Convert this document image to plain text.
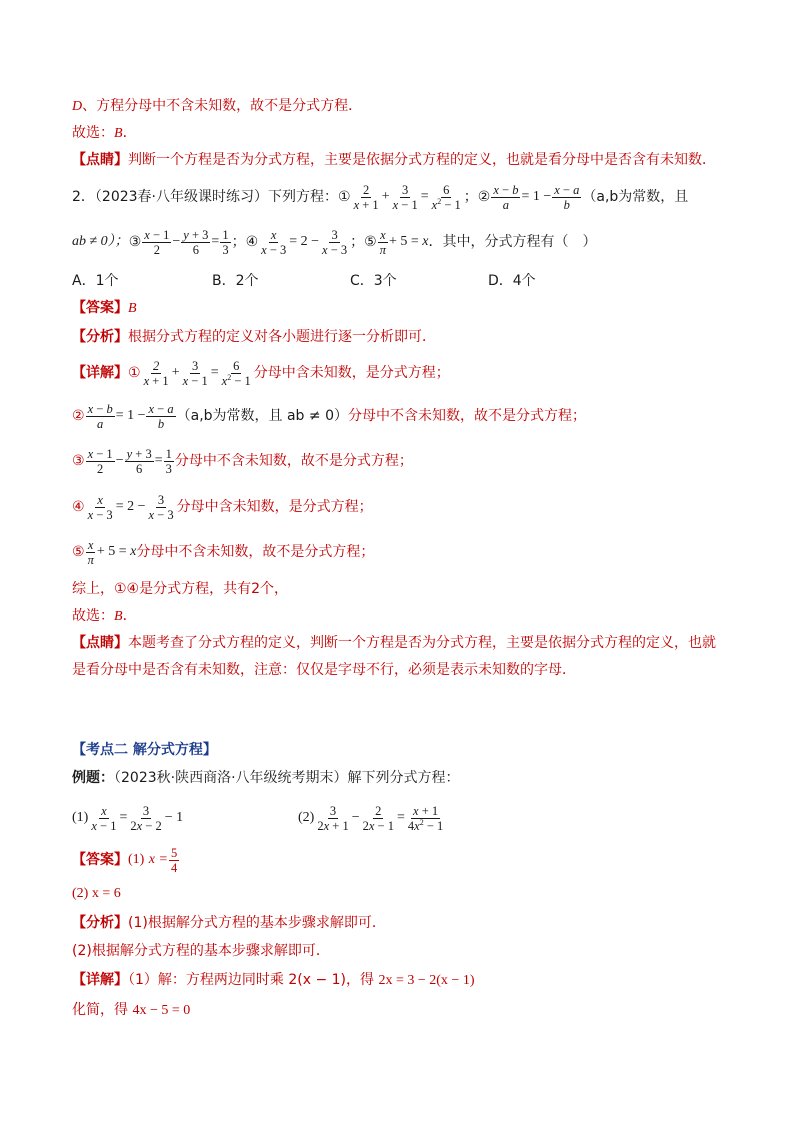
D、方程分母中不含未知数，故不是分式方程．
故选：B．
【点睛】判断一个方程是否为分式方程，主要是依据分式方程的定义，也就是看分母中是否含有未知数．
2．（2023春·八年级课时练习）下列方程： ① $\frac{2}{x + 1} + \frac{3}{x - 1} = \frac{6}{x^2 - 1}$ ； ② $\frac{x - b}{a} = 1 - \frac{x - a}{b} (a,b$为常数，且
ab ≠ 0）； ③ $\frac{x - 1}{2} - \frac{y + 3}{6} = \frac{1}{3}$ ； ④ $\frac{x}{x - 3} = 2 - \frac{3}{x - 3}$ ； ⑤ $\frac{x}{\pi} + 5 = x$ ．其中，分式方程有（　）
A．1个	B．2个	C．3个	D．4个
【答案】B
【分析】根据分式方程的定义对各小题进行逐一分析即可．
【详解】 ① $\frac{2}{x + 1} + \frac{3}{x - 1} = \frac{6}{x^2 - 1}$ 分母中含未知数，是分式方程；
② $\frac{x - b}{a} = 1 - \frac{x - a}{b} (a,b$为常数，且 ab ≠ 0） 分母中不含未知数，故不是分式方程；
③ $\frac{x - 1}{2} - \frac{y + 3}{6} = \frac{1}{3}$ 分母中不含未知数，故不是分式方程；
④ $\frac{x}{x - 3} = 2 - \frac{3}{x - 3}$ 分母中含未知数，是分式方程；
⑤ $\frac{x}{\pi} + 5 = x$ 分母中不含未知数，故不是分式方程；
综上，①④是分式方程，共有2个，
故选：B．
【点睛】本题考查了分式方程的定义，判断一个方程是否为分式方程，主要是依据分式方程的定义，也就
是看分母中是否含有未知数，注意：仅仅是字母不行，必须是表示未知数的字母．
【考点二 解分式方程】
例题：（2023秋·陕西商洛·八年级统考期末）解下列分式方程：
$(1) \frac{x}{x - 1} = \frac{3}{2x - 2} - 1$	$(2) \frac{3}{2x + 1} - \frac{2}{2x - 1} = \frac{x + 1}{4x^2 - 1}$
【答案】 (1)
$x = \frac{5}{4}$
(2) x = 6
【分析】(1)根据解分式方程的基本步骤求解即可．
(2)根据解分式方程的基本步骤求解即可．
【详解】（1）解：方程两边同时乘 2(x − 1)，得 2x = 3 − 2(x − 1)
化简，得 4x − 5 = 0
